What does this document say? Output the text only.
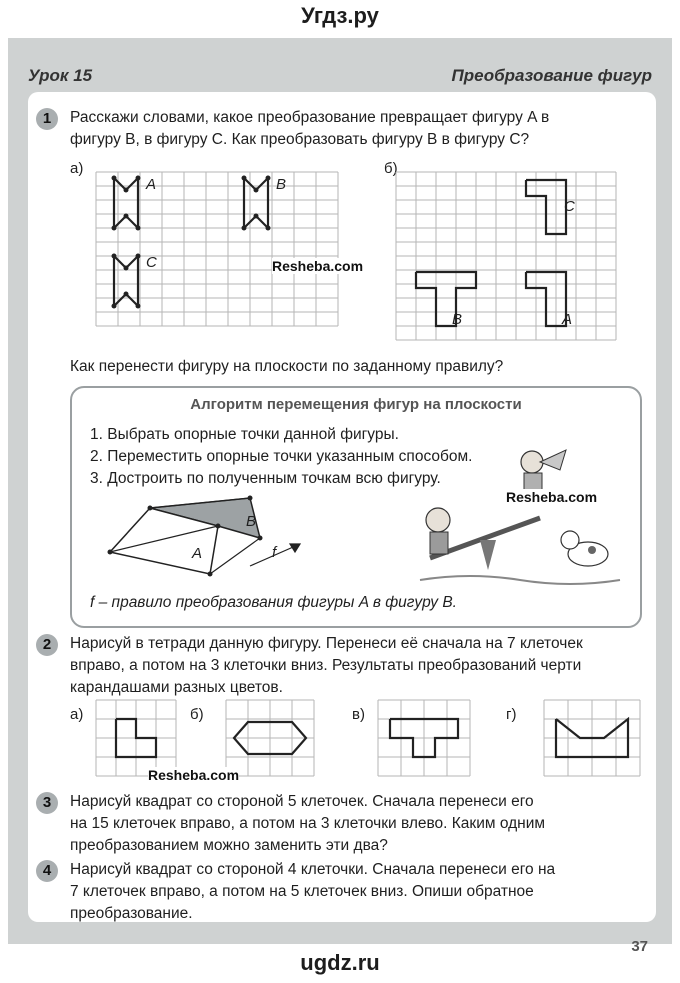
Угдз.ру
Урок 15	Преобразование фигур
1	Расскажи словами, какое преобразование превращает фигуру A в
фигуру B, в фигуру C. Как преобразовать фигуру B в фигуру C?
а)	б)
A	B
C
C
B	A
Resheba.com
Как перенести фигуру на плоскости по заданному правилу?
Алгоритм перемещения фигур на плоскости
1. Выбрать опорные точки данной фигуры.
2. Переместить опорные точки указанным способом.
3. Достроить по полученным точкам всю фигуру.
f – правило преобразования фигуры A в фигуру B.
A
B
f
Resheba.com
2	Нарисуй в тетради данную фигуру. Перенеси её сначала на 7 клеточек
вправо, а потом на 3 клеточки вниз. Результаты преобразований черти
карандашами разных цветов.
а)	б)	в)	г)
Resheba.com
3	Нарисуй квадрат со стороной 5 клеточек. Сначала перенеси его
на 15 клеточек вправо, а потом на 3 клеточки влево. Каким одним
преобразованием можно заменить эти два?
4	Нарисуй квадрат со стороной 4 клеточки. Сначала перенеси его на
7 клеточек вправо, а потом на 5 клеточек вниз. Опиши обратное
преобразование.
37
ugdz.ru
